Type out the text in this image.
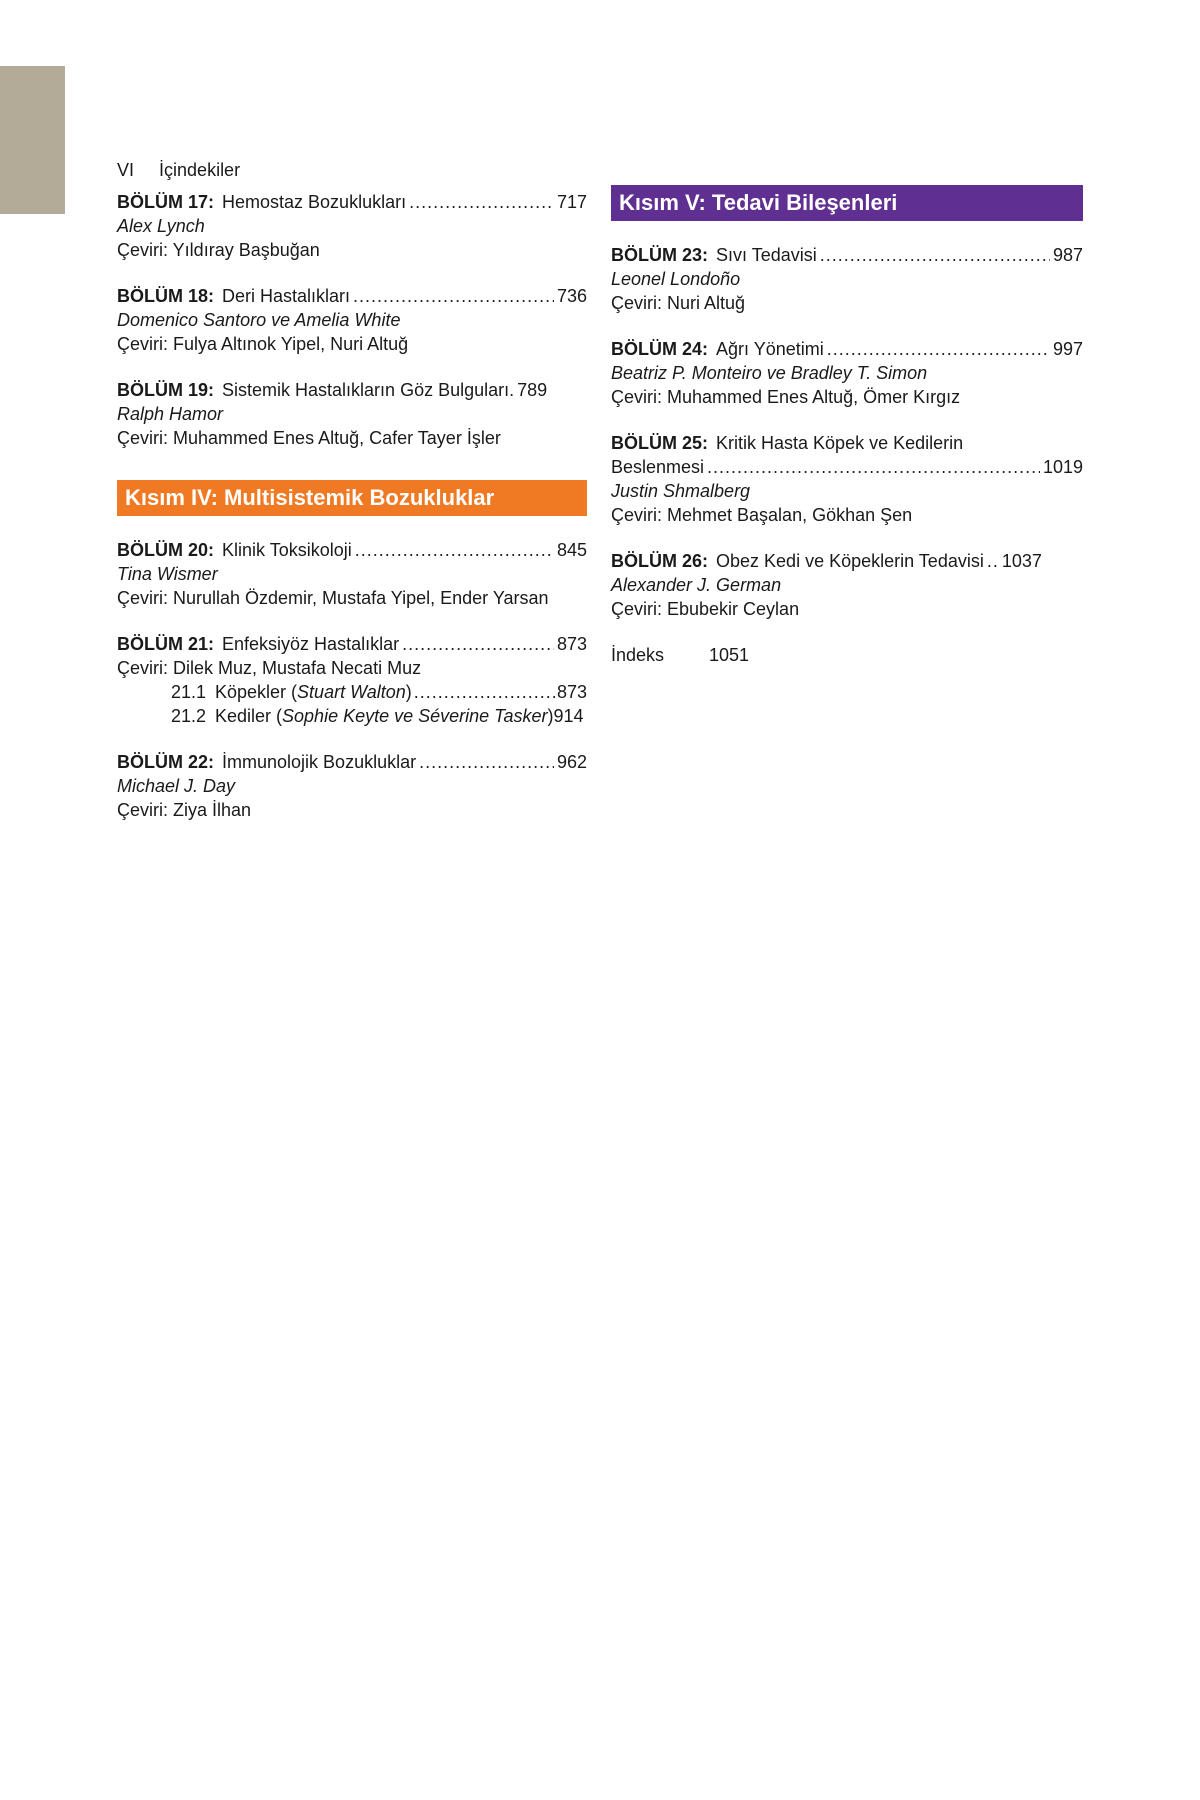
VI İçindekiler
BÖLÜM 17: Hemostaz Bozuklukları .....	717
Alex Lynch
Çeviri: Yıldıray Başbuğan
BÖLÜM 18: Deri Hastalıkları .....	736
Domenico Santoro ve Amelia White
Çeviri: Fulya Altınok Yipel, Nuri Altuğ
BÖLÜM 19: Sistemik Hastalıkların Göz Bulguları. 789
Ralph Hamor
Çeviri: Muhammed Enes Altuğ, Cafer Tayer İşler
Kısım IV: Multisistemik Bozukluklar
BÖLÜM 20: Klinik Toksikoloji .....	845
Tina Wismer
Çeviri: Nurullah Özdemir, Mustafa Yipel, Ender Yarsan
BÖLÜM 21: Enfeksiyöz Hastalıklar .....	873
Çeviri: Dilek Muz, Mustafa Necati Muz
21.1 Köpekler ( Stuart Walton ) .....	873
21.2 Kediler ( Sophie Keyte ve Séverine Tasker ) 914
BÖLÜM 22: İmmunolojik Bozukluklar .....	962
Michael J. Day
Çeviri: Ziya İlhan
Kısım V: Tedavi Bileşenleri
BÖLÜM 23: Sıvı Tedavisi .....	987
Leonel Londoño
Çeviri: Nuri Altuğ
BÖLÜM 24: Ağrı Yönetimi .....	997
Beatriz P. Monteiro ve Bradley T. Simon
Çeviri: Muhammed Enes Altuğ, Ömer Kırgız
BÖLÜM 25: Kritik Hasta Köpek ve Kedilerin
Beslenmesi .....	1019
Justin Shmalberg
Çeviri: Mehmet Başalan, Gökhan Şen
BÖLÜM 26: Obez Kedi ve Köpeklerin Tedavisi .. 1037
Alexander J. German
Çeviri: Ebubekir Ceylan
İndeks	1051
